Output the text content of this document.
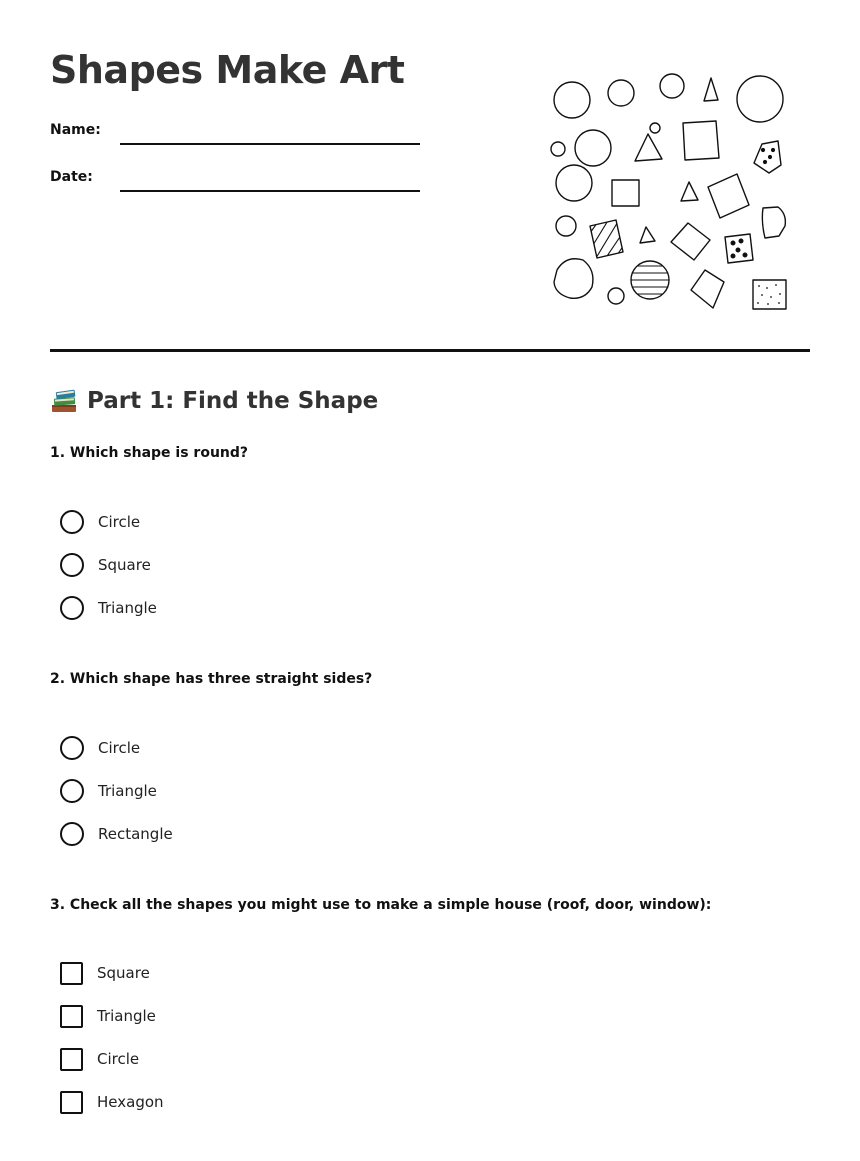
Shapes Make Art
Name:
Date:
Part 1: Find the Shape

1. Which shape is round?

Circle
Square
Triangle

2. Which shape has three straight sides?

Circle
Triangle
Rectangle

3. Check all the shapes you might use to make a simple house (roof, door, window):

Square
Triangle
Circle
Hexagon
